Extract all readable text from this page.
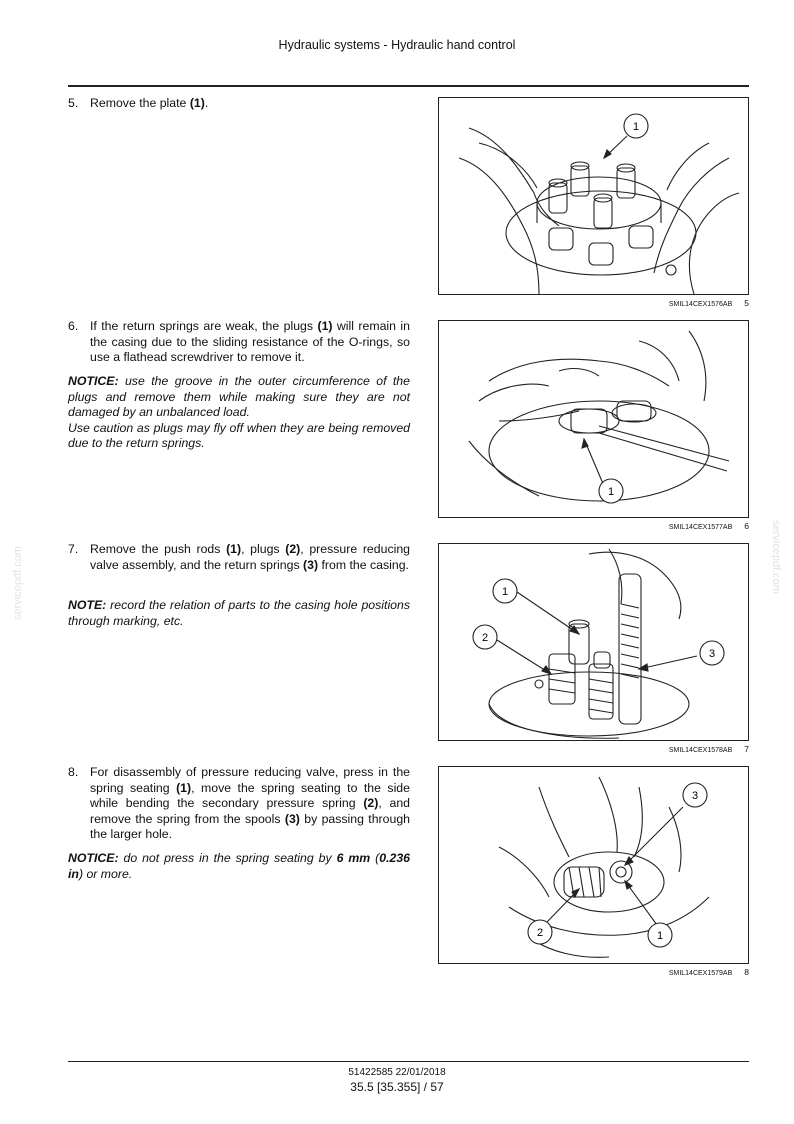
Hydraulic systems - Hydraulic hand control
servicepdf.com	servicepdf.com
5. Remove the plate (1).
1
SMIL14CEX1576AB 5
6. If the return springs are weak, the plugs (1) will remain in the casing due to the sliding resistance of the O-rings, so use a flathead screwdriver to remove it.
NOTICE: use the groove in the outer circumference of the plugs and remove them while making sure they are not damaged by an unbalanced load.
Use caution as plugs may fly off when they are being removed due to the return springs.
1
SMIL14CEX1577AB 6
7. Remove the push rods (1), plugs (2), pressure reducing valve assembly, and the return springs (3) from the casing.
NOTE: record the relation of parts to the casing hole positions through marking, etc.
1
2
3
SMIL14CEX1578AB 7
8. For disassembly of pressure reducing valve, press in the spring seating (1), move the spring seating to the side while bending the secondary pressure spring (2), and remove the spring from the spools (3) by passing through the larger hole.
NOTICE: do not press in the spring seating by 6 mm (0.236 in) or more.
3
2	1
SMIL14CEX1579AB 8
51422585 22/01/2018
35.5 [35.355] / 57
